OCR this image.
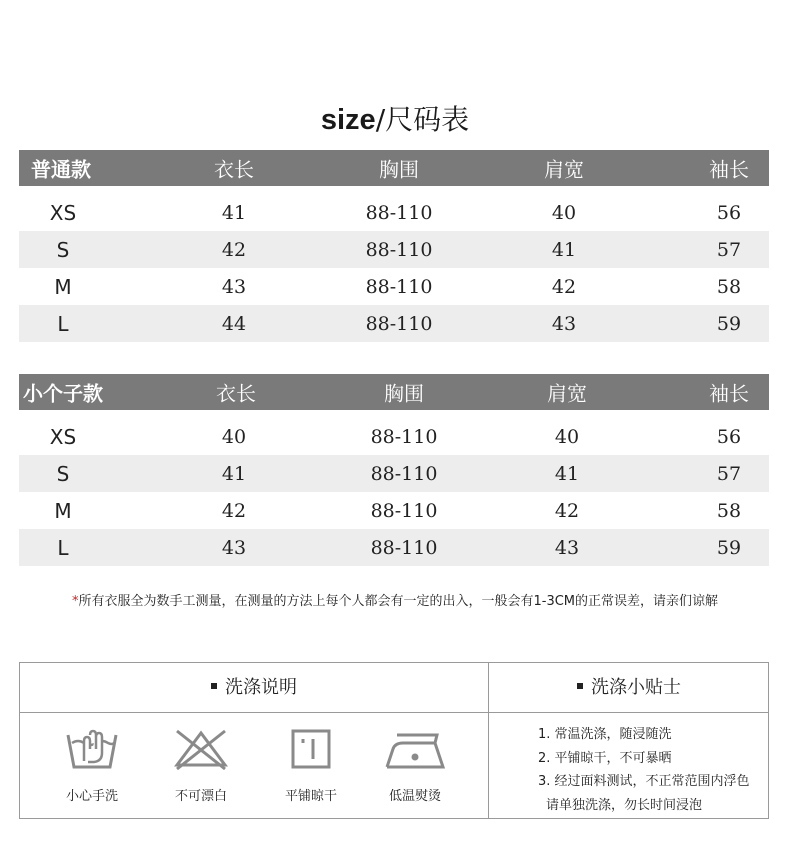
size/尺码表
普通款	衣长	胸围	肩宽	袖长
XS	41	88-110	40	56
S	42	88-110	41	57
M	43	88-110	42	58
L	44	88-110	43	59
小个子款	衣长	胸围	肩宽	袖长
XS	40	88-110	40	56
S	41	88-110	41	57
M	42	88-110	42	58
L	43	88-110	43	59
*所有衣服全为数手工测量，在测量的方法上每个人都会有一定的出入，一般会有1-3CM的正常误差，请亲们谅解
洗涤说明	洗涤小贴士
小心手洗	不可漂白	平铺晾干	低温熨烫
1. 常温洗涤，随浸随洗
2. 平铺晾干，不可暴晒
3. 经过面料测试，不正常范围内浮色
请单独洗涤，勿长时间浸泡
